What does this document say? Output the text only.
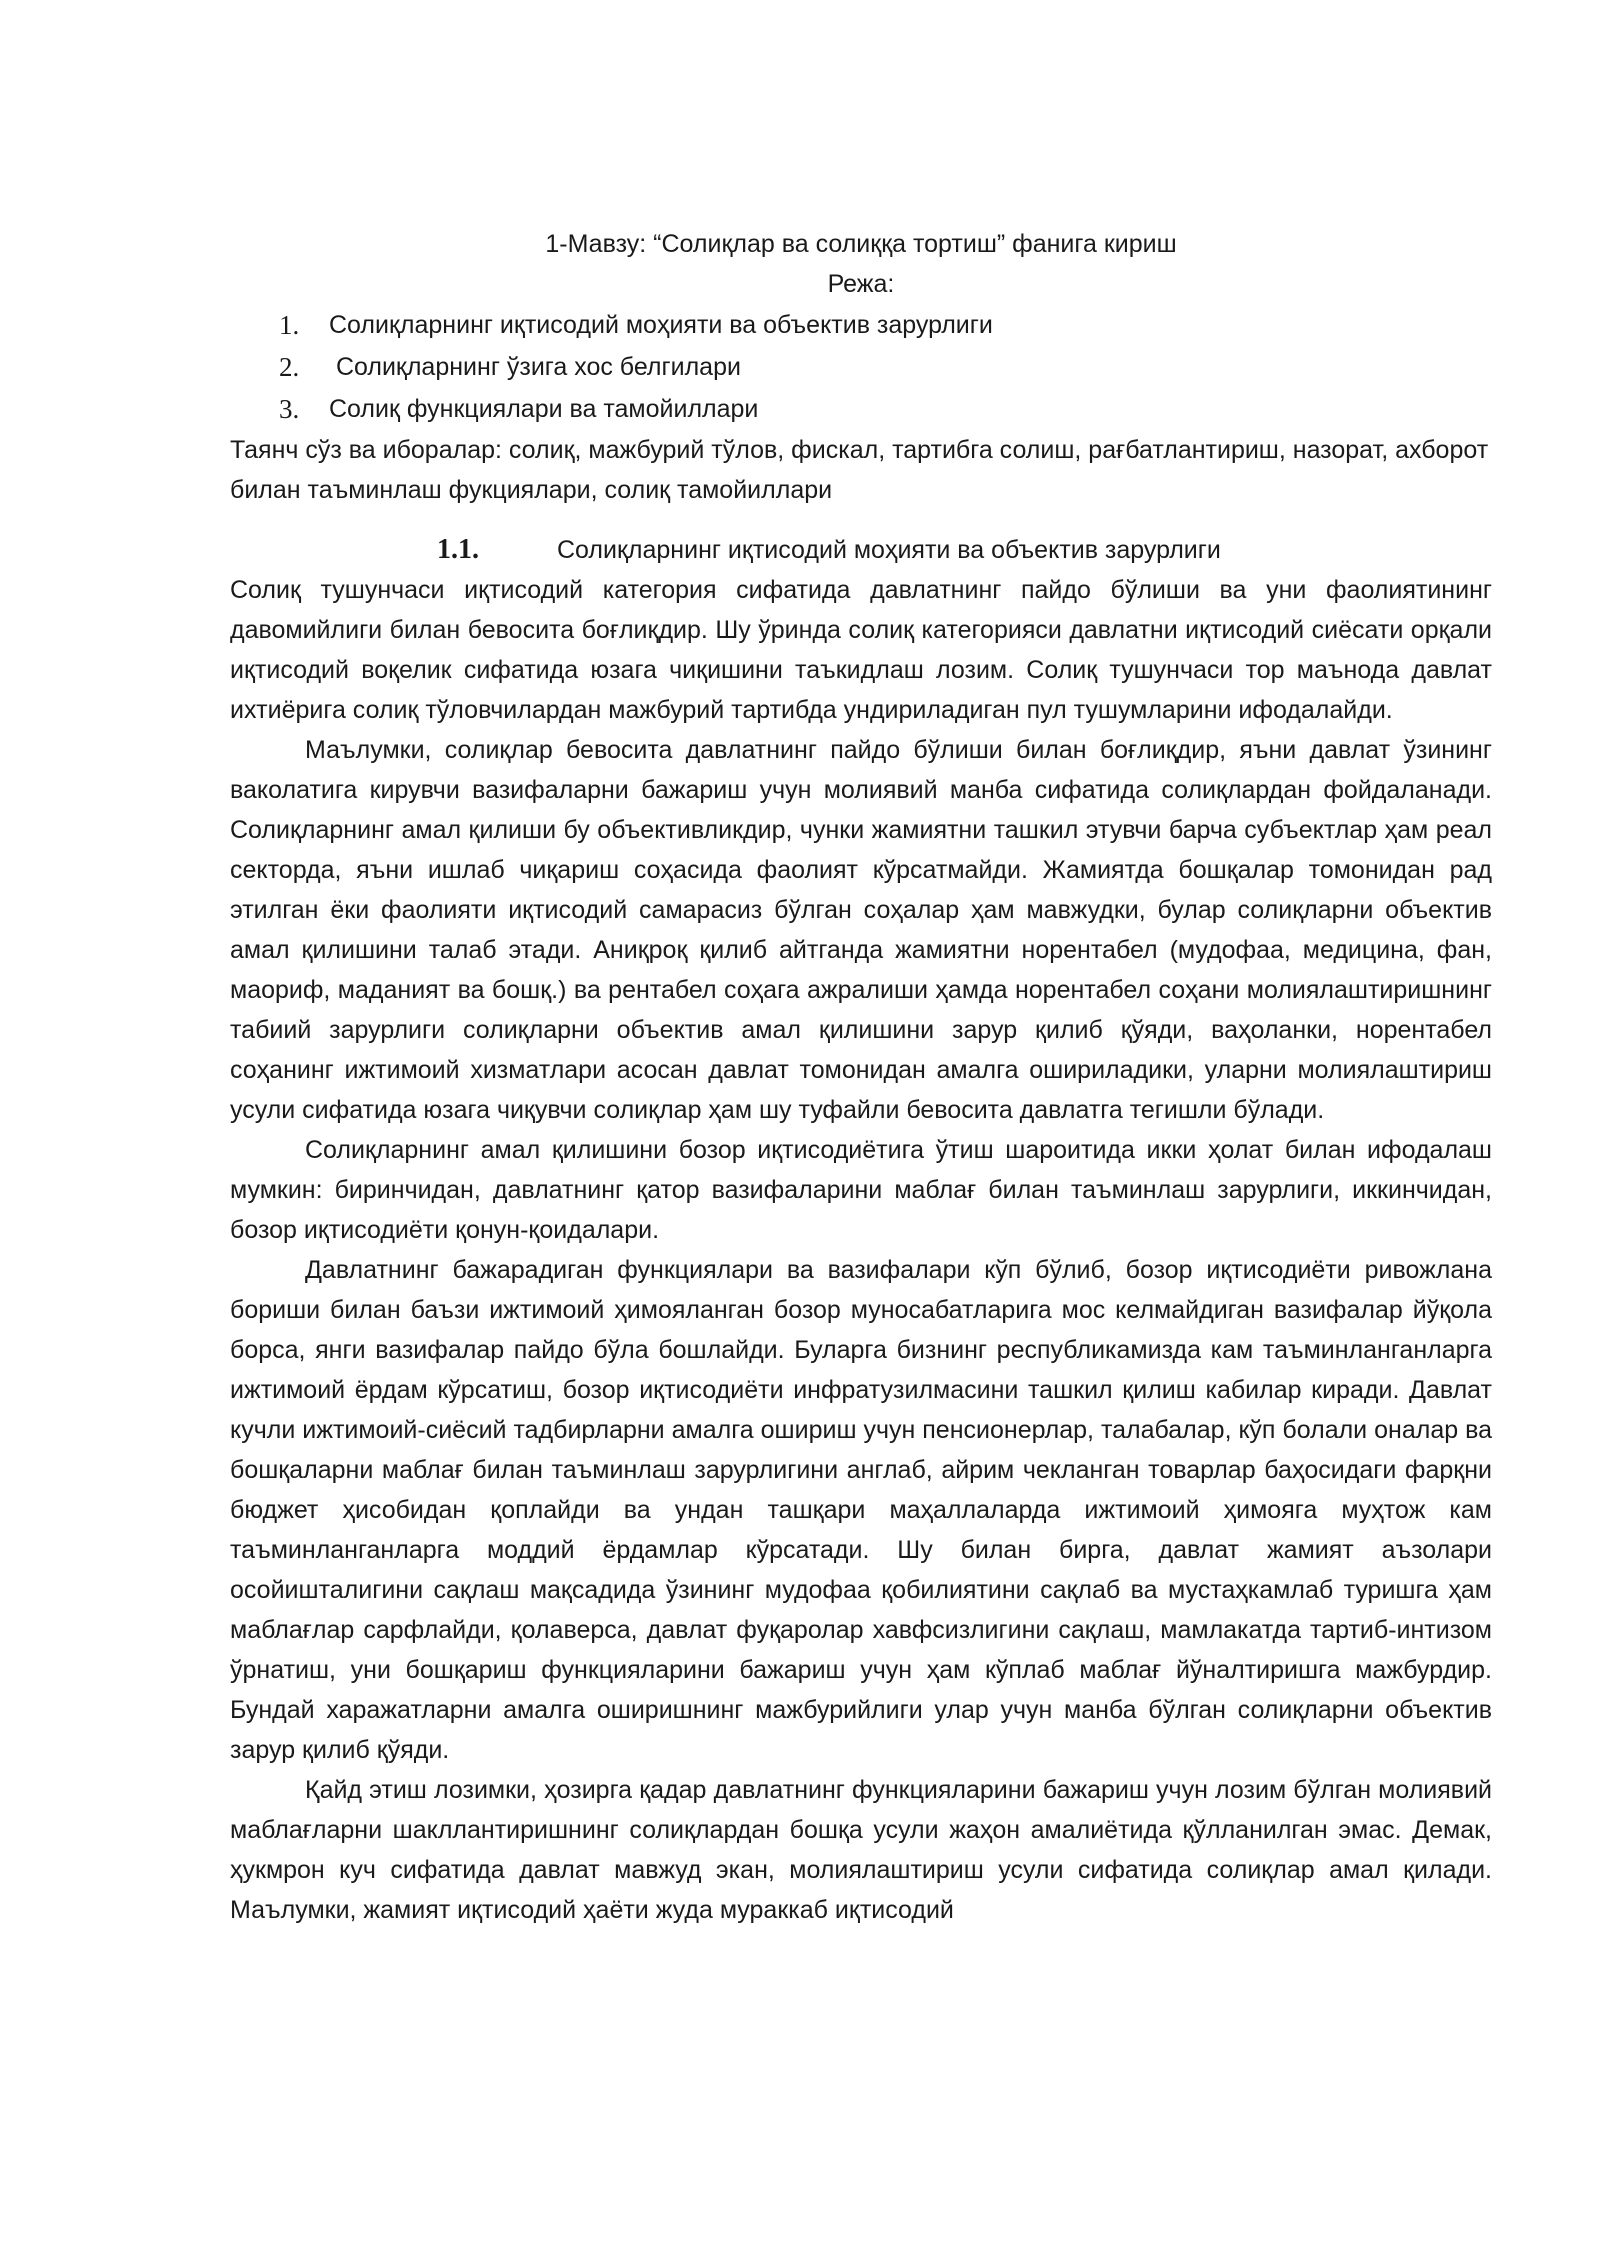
1-Мавзу: “Солиқлар ва солиққа тортиш” фанига кириш

Режа:

1.	Солиқларнинг иқтисодий моҳияти ва объектив зарурлиги
2.	Солиқларнинг ўзига хос белгилари
3.	Солиқ функциялари ва тамойиллари

Таянч сўз ва иборалар: солиқ, мажбурий тўлов, фискал, тартибга солиш, рағбатлантириш, назорат, ахборот билан таъминлаш фукциялари, солиқ тамойиллари

1.1.	Солиқларнинг иқтисодий моҳияти ва объектив зарурлиги

Солиқ тушунчаси иқтисодий категория сифатида давлатнинг пайдо бўлиши ва уни фаолиятининг давомийлиги билан бевосита боғлиқдир. Шу ўринда солиқ категорияси давлатни иқтисодий сиёсати орқали иқтисодий воқелик сифатида юзага чиқишини таъкидлаш лозим. Солиқ тушунчаси тор маънода давлат ихтиёрига солиқ тўловчилардан мажбурий тартибда ундириладиган пул тушумларини ифодалайди.

Маълумки, солиқлар бевосита давлатнинг пайдо бўлиши билан боғлиқдир, яъни давлат ўзининг ваколатига кирувчи вазифаларни бажариш учун молиявий манба сифатида солиқлардан фойдаланади. Солиқларнинг амал қилиши бу объективликдир, чунки жамиятни ташкил этувчи барча субъектлар ҳам реал секторда, яъни ишлаб чиқариш соҳасида фаолият кўрсатмайди. Жамиятда бошқалар томонидан рад этилган ёки фаолияти иқтисодий самарасиз бўлган соҳалар ҳам мавжудки, булар солиқларни объектив амал қилишини талаб этади. Аниқроқ қилиб айтганда жамиятни норентабел (мудофаа, медицина, фан, маориф, маданият ва бошқ.) ва рентабел соҳага ажралиши ҳамда норентабел соҳани молиялаштиришнинг табиий зарурлиги солиқларни объектив амал қилишини зарур қилиб қўяди, ваҳоланки, норентабел соҳанинг ижтимоий хизматлари асосан давлат томонидан амалга ошириладики, уларни молиялаштириш усули сифатида юзага чиқувчи солиқлар ҳам шу туфайли бевосита давлатга тегишли бўлади.

Солиқларнинг амал қилишини бозор иқтисодиётига ўтиш шароитида икки ҳолат билан ифодалаш мумкин: биринчидан, давлатнинг қатор вазифаларини маблағ билан таъминлаш зарурлиги, иккинчидан, бозор иқтисодиёти қонун-қоидалари.

Давлатнинг бажарадиган функциялари ва вазифалари кўп бўлиб, бозор иқтисодиёти ривожлана бориши билан баъзи ижтимоий ҳимояланган бозор муносабатларига мос келмайдиган вазифалар йўқола борса, янги вазифалар пайдо бўла бошлайди. Буларга бизнинг республикамизда кам таъминланганларга ижтимоий ёрдам кўрсатиш, бозор иқтисодиёти инфратузилмасини ташкил қилиш кабилар киради. Давлат кучли ижтимоий-сиёсий тадбирларни амалга ошириш учун пенсионерлар, талабалар, кўп болали оналар ва бошқаларни маблағ билан таъминлаш зарурлигини англаб, айрим чекланган товарлар баҳосидаги фарқни бюджет ҳисобидан қоплайди ва ундан ташқари маҳаллаларда ижтимоий ҳимояга муҳтож кам таъминланганларга моддий ёрдамлар кўрсатади. Шу билан бирга, давлат жамият аъзолари осойишталигини сақлаш мақсадида ўзининг мудофаа қобилиятини сақлаб ва мустаҳкамлаб туришга ҳам маблағлар сарфлайди, қолаверса, давлат фуқаролар хавфсизлигини сақлаш, мамлакатда тартиб-интизом ўрнатиш, уни бошқариш функцияларини бажариш учун ҳам кўплаб маблағ йўналтиришга мажбурдир. Бундай харажатларни амалга оширишнинг мажбурийлиги улар учун манба бўлган солиқларни объектив зарур қилиб қўяди.

Қайд этиш лозимки, ҳозирга қадар давлатнинг функцияларини бажариш учун лозим бўлган молиявий маблағларни шакллантиришнинг солиқлардан бошқа усули жаҳон амалиётида қўлланилган эмас. Демак, ҳукмрон куч сифатида давлат мавжуд экан, молиялаштириш усули сифатида солиқлар амал қилади. Маълумки, жамият иқтисодий ҳаёти жуда мураккаб иқтисодий
